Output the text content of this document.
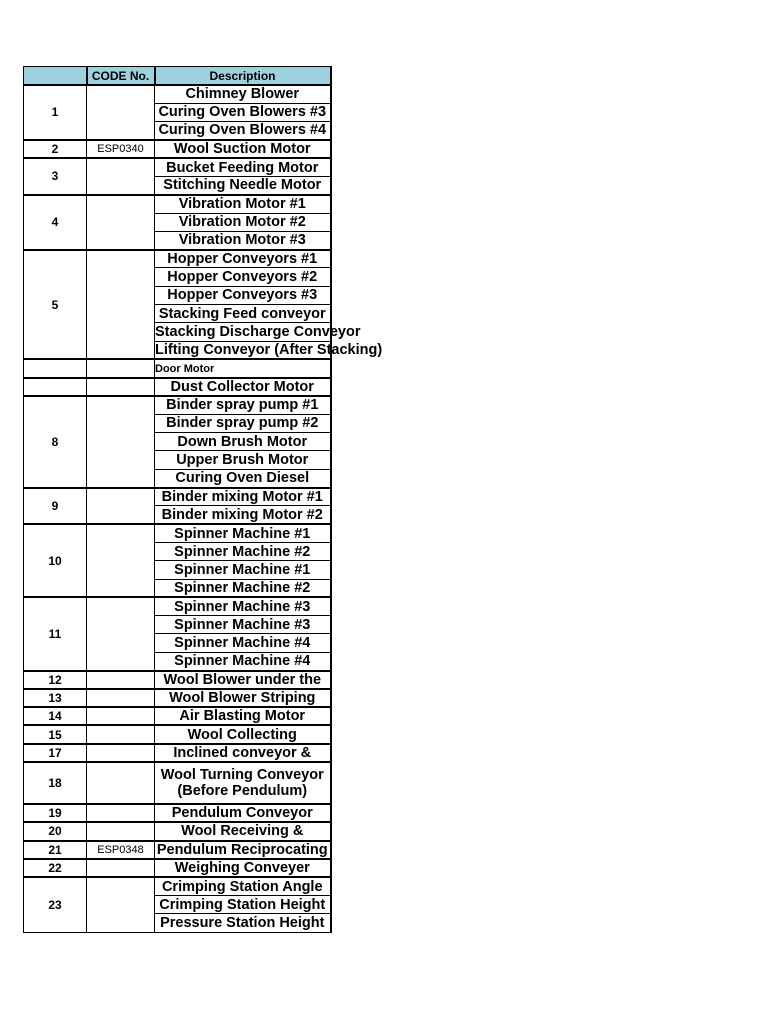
	CODE No.	Description
1		Chimney Blower
		Curing Oven Blowers #3
		Curing Oven Blowers #4
2	ESP0340	Wool Suction Motor
3		Bucket Feeding Motor
		Stitching Needle Motor
4		Vibration Motor #1
		Vibration Motor #2
		Vibration Motor #3
5		Hopper Conveyors #1
		Hopper Conveyors #2
		Hopper Conveyors #3
		Stacking Feed conveyor
		Stacking Discharge Conveyor
		Lifting Conveyor (After Stacking)
		Door Motor
		Dust Collector Motor
8		Binder spray pump #1
		Binder spray pump #2
		Down Brush Motor
		Upper Brush Motor
		Curing Oven Diesel
9		Binder mixing Motor #1
		Binder mixing Motor #2
10		Spinner Machine #1
		Spinner Machine #2
		Spinner Machine #1
		Spinner Machine #2
11		Spinner Machine #3
		Spinner Machine #3
		Spinner Machine #4
		Spinner Machine #4
12		Wool Blower under the
13		Wool Blower Striping
14		Air Blasting Motor
15		Wool Collecting
17		Inclined conveyor &
18		Wool Turning Conveyor (Before Pendulum)
19		Pendulum Conveyor
20		Wool Receiving &
21	ESP0348	Pendulum Reciprocating
22		Weighing Conveyer
23		Crimping Station Angle
		Crimping Station Height
		Pressure Station Height
